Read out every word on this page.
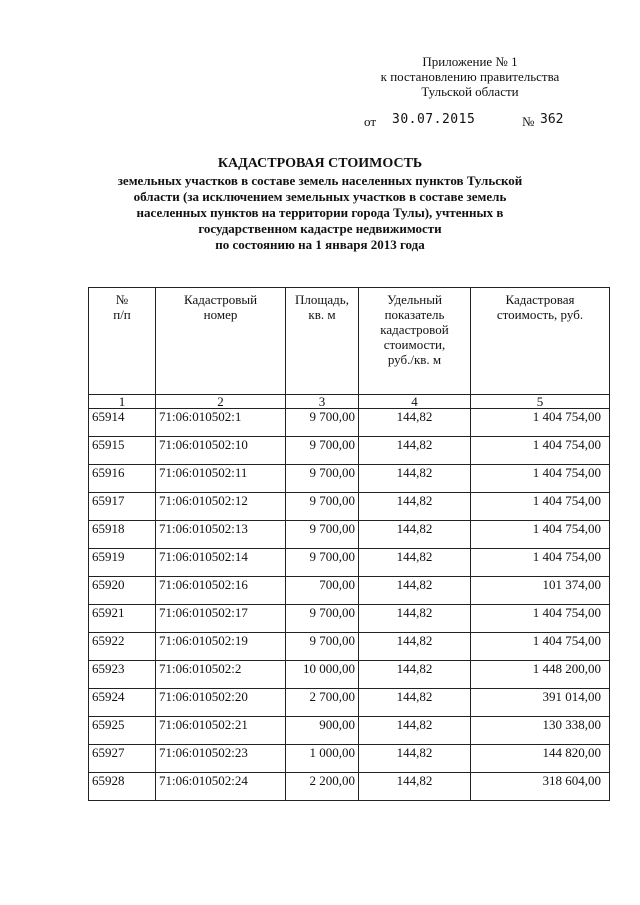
Приложение № 1
к постановлению правительства
Тульской области
от 30.07.2015	№ 362
КАДАСТРОВАЯ СТОИМОСТЬ
земельных участков в составе земель населенных пунктов Тульской
области (за исключением земельных участков в составе земель
населенных пунктов на территории города Тулы), учтенных в
государственном кадастре недвижимости
по состоянию на 1 января 2013 года
№
п/п	Кадастровый
номер	Площадь,
кв. м	Удельный
показатель
кадастровой
стоимости,
руб./кв. м	Кадастровая
стоимость, руб.
1	2	3	4	5
65914	71:06:010502:1	9 700,00	144,82	1 404 754,00
65915	71:06:010502:10	9 700,00	144,82	1 404 754,00
65916	71:06:010502:11	9 700,00	144,82	1 404 754,00
65917	71:06:010502:12	9 700,00	144,82	1 404 754,00
65918	71:06:010502:13	9 700,00	144,82	1 404 754,00
65919	71:06:010502:14	9 700,00	144,82	1 404 754,00
65920	71:06:010502:16	700,00	144,82	101 374,00
65921	71:06:010502:17	9 700,00	144,82	1 404 754,00
65922	71:06:010502:19	9 700,00	144,82	1 404 754,00
65923	71:06:010502:2	10 000,00	144,82	1 448 200,00
65924	71:06:010502:20	2 700,00	144,82	391 014,00
65925	71:06:010502:21	900,00	144,82	130 338,00
65927	71:06:010502:23	1 000,00	144,82	144 820,00
65928	71:06:010502:24	2 200,00	144,82	318 604,00
